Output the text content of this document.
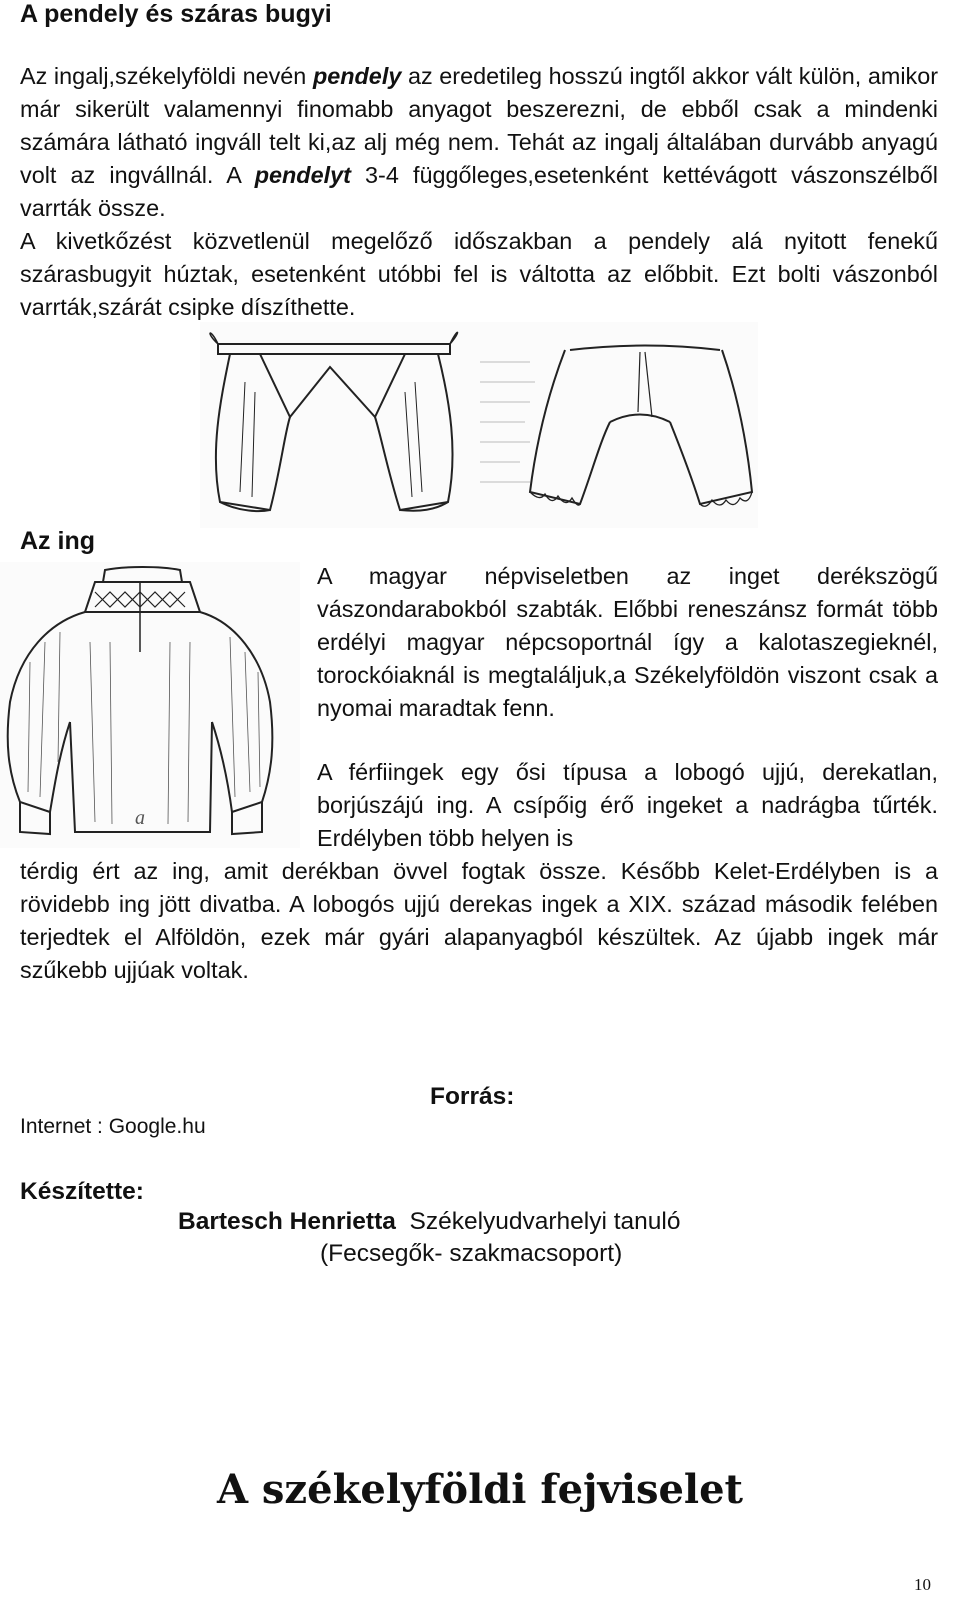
A pendely és száras bugyi
Az ingalj,székelyföldi nevén pendely az eredetileg hosszú ingtől akkor vált külön, amikor már sikerült valamennyi finomabb anyagot beszerezni, de ebből csak a mindenki számára látható ingváll telt ki,az alj még nem. Tehát az ingalj általában durvább anyagú volt az ingvállnál. A pendelyt 3-4 függőleges,esetenként kettévágott vászonszélből varrták össze.
A kivetkőzést közvetlenül megelőző időszakban a pendely alá nyitott fenekű szárasbugyit húztak, esetenként utóbbi fel is váltotta az előbbit. Ezt bolti vászonból varrták,szárát csipke díszíthette.
Az ing
a
A magyar népviseletben az inget derékszögű vászondarabokból szabták. Előbbi reneszánsz formát több erdélyi magyar népcsoportnál így a kalotaszegieknél, torockóiaknál is megtaláljuk,a Székelyföldön viszont csak a nyomai maradtak fenn.
A férfiingek egy ősi típusa a lobogó ujjú, derekatlan, borjúszájú ing. A csípőig érő ingeket a nadrágba tűrték. Erdélyben több helyen is
térdig ért az ing, amit derékban övvel fogtak össze. Később Kelet-Erdélyben is a rövidebb ing jött divatba. A lobogós ujjú derekas ingek a XIX. század második felében terjedtek el Alföldön, ezek már gyári alapanyagból készültek. Az újabb ingek már szűkebb ujjúak voltak.
Forrás:
Internet : Google.hu
Készítette:
Bartesch Henrietta Székelyudvarhelyi tanuló
(Fecsegők- szakmacsoport)
A székelyföldi fejviselet
10
